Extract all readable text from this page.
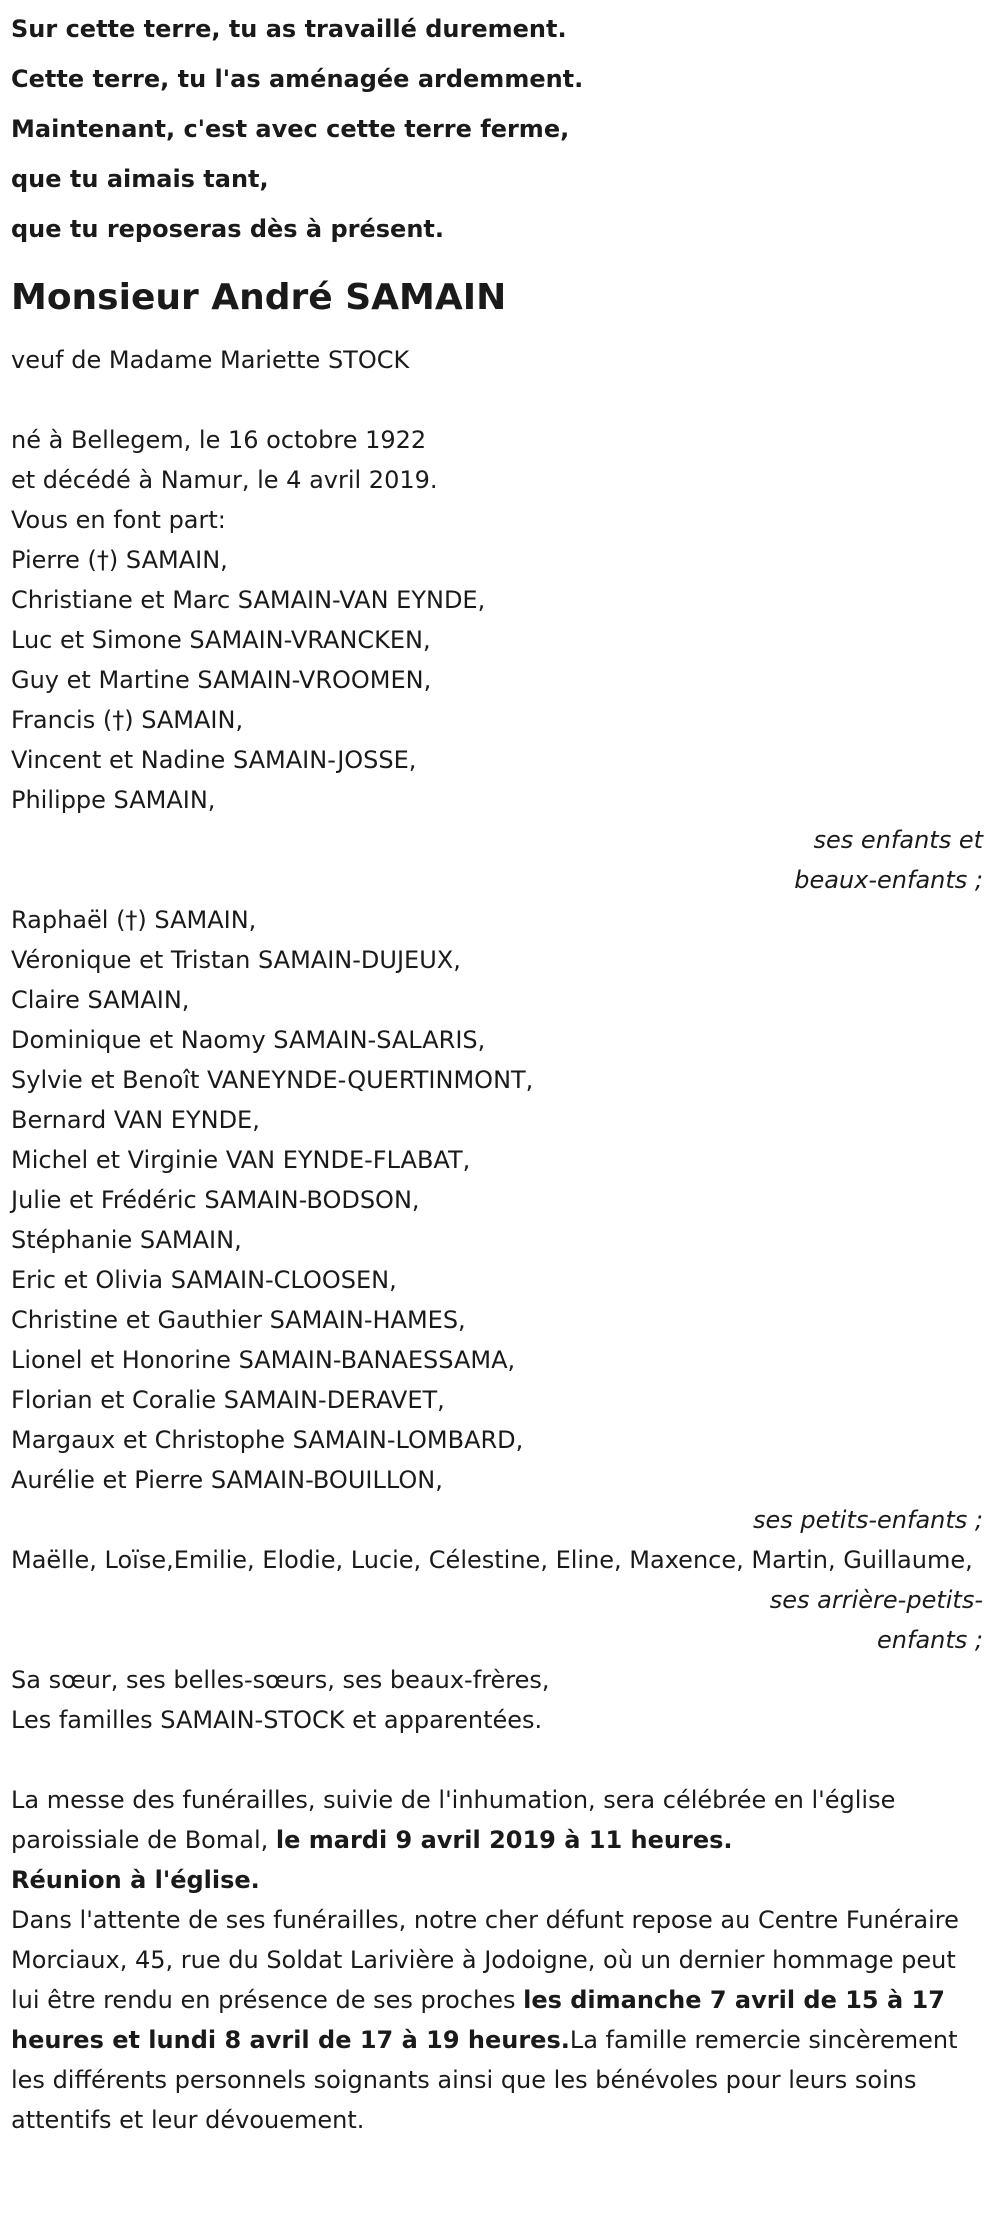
Sur cette terre, tu as travaillé durement.
Cette terre, tu l'as aménagée ardemment.
Maintenant, c'est avec cette terre ferme,
que tu aimais tant,
que tu reposeras dès à présent.
Monsieur André SAMAIN
veuf de Madame Mariette STOCK
né à Bellegem, le 16 octobre 1922
et décédé à Namur, le 4 avril 2019.
Vous en font part:
Pierre (†) SAMAIN,
Christiane et Marc SAMAIN-VAN EYNDE,
Luc et Simone SAMAIN-VRANCKEN,
Guy et Martine SAMAIN-VROOMEN,
Francis (†) SAMAIN,
Vincent et Nadine SAMAIN-JOSSE,
Philippe SAMAIN,
ses enfants et
beaux-enfants ;
Raphaël (†) SAMAIN,
Véronique et Tristan SAMAIN-DUJEUX,
Claire SAMAIN,
Dominique et Naomy SAMAIN-SALARIS,
Sylvie et Benoît VANEYNDE-QUERTINMONT,
Bernard VAN EYNDE,
Michel et Virginie VAN EYNDE-FLABAT,
Julie et Frédéric SAMAIN-BODSON,
Stéphanie SAMAIN,
Eric et Olivia SAMAIN-CLOOSEN,
Christine et Gauthier SAMAIN-HAMES,
Lionel et Honorine SAMAIN-BANAESSAMA,
Florian et Coralie SAMAIN-DERAVET,
Margaux et Christophe SAMAIN-LOMBARD,
Aurélie et Pierre SAMAIN-BOUILLON,
ses petits-enfants ;
Maëlle, Loïse,Emilie, Elodie, Lucie, Célestine, Eline, Maxence, Martin, Guillaume,
ses arrière-petits-
enfants ;
Sa sœur, ses belles-sœurs, ses beaux-frères,
Les familles SAMAIN-STOCK et apparentées.
La messe des funérailles, suivie de l'inhumation, sera célébrée en l'église paroissiale de Bomal, le mardi 9 avril 2019 à 11 heures.
Réunion à l'église.
Dans l'attente de ses funérailles, notre cher défunt repose au Centre Funéraire Morciaux, 45, rue du Soldat Larivière à Jodoigne, où un dernier hommage peut lui être rendu en présence de ses proches les dimanche 7 avril de 15 à 17 heures et lundi 8 avril de 17 à 19 heures.La famille remercie sincèrement les différents personnels soignants ainsi que les bénévoles pour leurs soins attentifs et leur dévouement.
